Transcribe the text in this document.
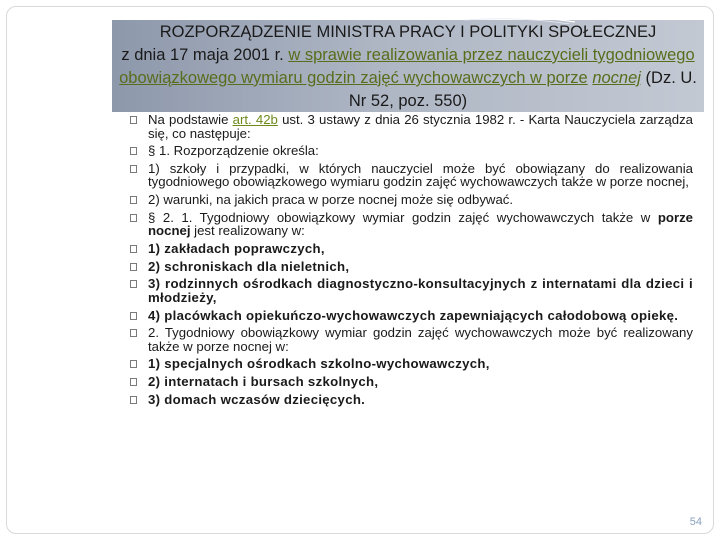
ROZPORZĄDZENIE MINISTRA PRACY I POLITYKI SPOŁECZNEJ
z dnia 17 maja 2001 r. w sprawie realizowania przez nauczycieli tygodniowego obowiązkowego wymiaru godzin zajęć wychowawczych w porze nocnej (Dz. U. Nr 52, poz. 550)
Na podstawie art. 42b ust. 3 ustawy z dnia 26 stycznia 1982 r. - Karta Nauczyciela zarządza się, co następuje:
§ 1. Rozporządzenie określa:
1) szkoły i przypadki, w których nauczyciel może być obowiązany do realizowania tygodniowego obowiązkowego wymiaru godzin zajęć wychowawczych także w porze nocnej,
2) warunki, na jakich praca w porze nocnej może się odbywać.
§ 2. 1. Tygodniowy obowiązkowy wymiar godzin zajęć wychowawczych także w porze nocnej jest realizowany w:
1) zakładach poprawczych,
2) schroniskach dla nieletnich,
3) rodzinnych ośrodkach diagnostyczno-konsultacyjnych z internatami dla dzieci i młodzieży,
4) placówkach opiekuńczo-wychowawczych zapewniających całodobową opiekę.
2. Tygodniowy obowiązkowy wymiar godzin zajęć wychowawczych może być realizowany także w porze nocnej w:
1) specjalnych ośrodkach szkolno-wychowawczych,
2) internatach i bursach szkolnych,
3) domach wczasów dziecięcych.
54
